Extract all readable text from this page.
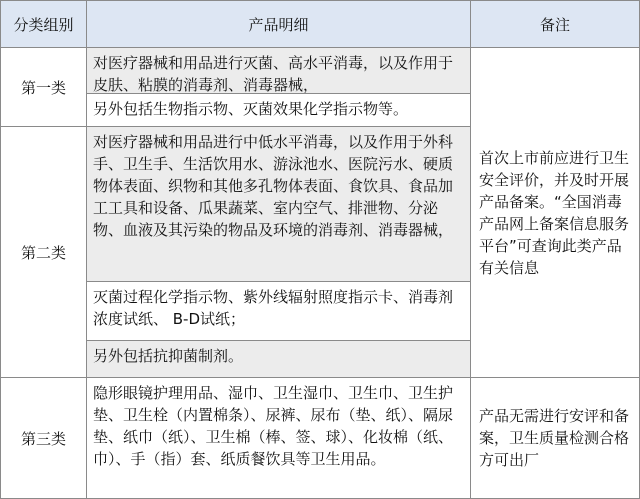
分类组别	产品明细	备注
第一类
对医疗器械和用品进行灭菌、高水平消毒，以及作用于皮肤、粘膜的消毒剂、消毒器械，
另外包括生物指示物、灭菌效果化学指示物等。
第二类
对医疗器械和用品进行中低水平消毒，以及作用于外科手、卫生手、生活饮用水、游泳池水、医院污水、硬质物体表面、织物和其他多孔物体表面、食饮具、食品加工工具和设备、瓜果蔬菜、室内空气、排泄物、分泌物、血液及其污染的物品及环境的消毒剂、消毒器械，
灭菌过程化学指示物、紫外线辐射照度指示卡、消毒剂浓度试纸、 B-D试纸；
另外包括抗抑菌制剂。
首次上市前应进行卫生安全评价，并及时开展产品备案。“全国消毒产品网上备案信息服务平台”可查询此类产品有关信息
第三类
隐形眼镜护理用品、湿巾、卫生湿巾、卫生巾、卫生护垫、卫生栓（内置棉条）、尿裤、尿布（垫、纸）、隔尿垫、纸巾（纸）、卫生棉（棒、签、球）、化妆棉（纸、巾）、手（指）套、纸质餐饮具等卫生用品。
产品无需进行安评和备案，卫生质量检测合格方可出厂
